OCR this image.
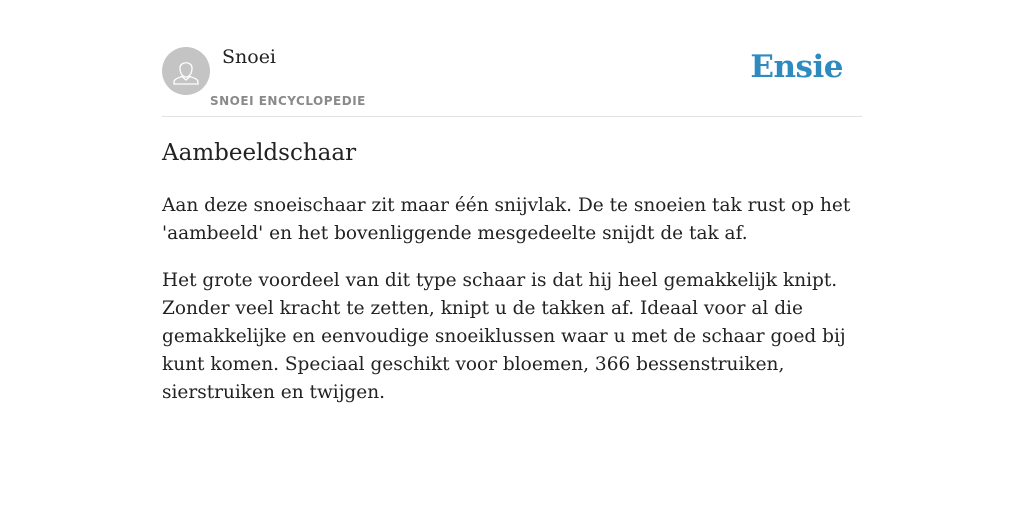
Snoei
SNOEI ENCYCLOPEDIE
Ensie
Aambeeldschaar

Aan deze snoeischaar zit maar één snijvlak. De te snoeien tak rust op het 'aambeeld' en het bovenliggende mesgedeelte snijdt de tak af.

Het grote voordeel van dit type schaar is dat hij heel gemakkelijk knipt. Zonder veel kracht te zetten, knipt u de takken af. Ideaal voor al die gemakkelijke en eenvoudige snoeiklussen waar u met de schaar goed bij kunt komen. Speciaal geschikt voor bloemen, 366 bessenstruiken, sierstruiken en twijgen.
